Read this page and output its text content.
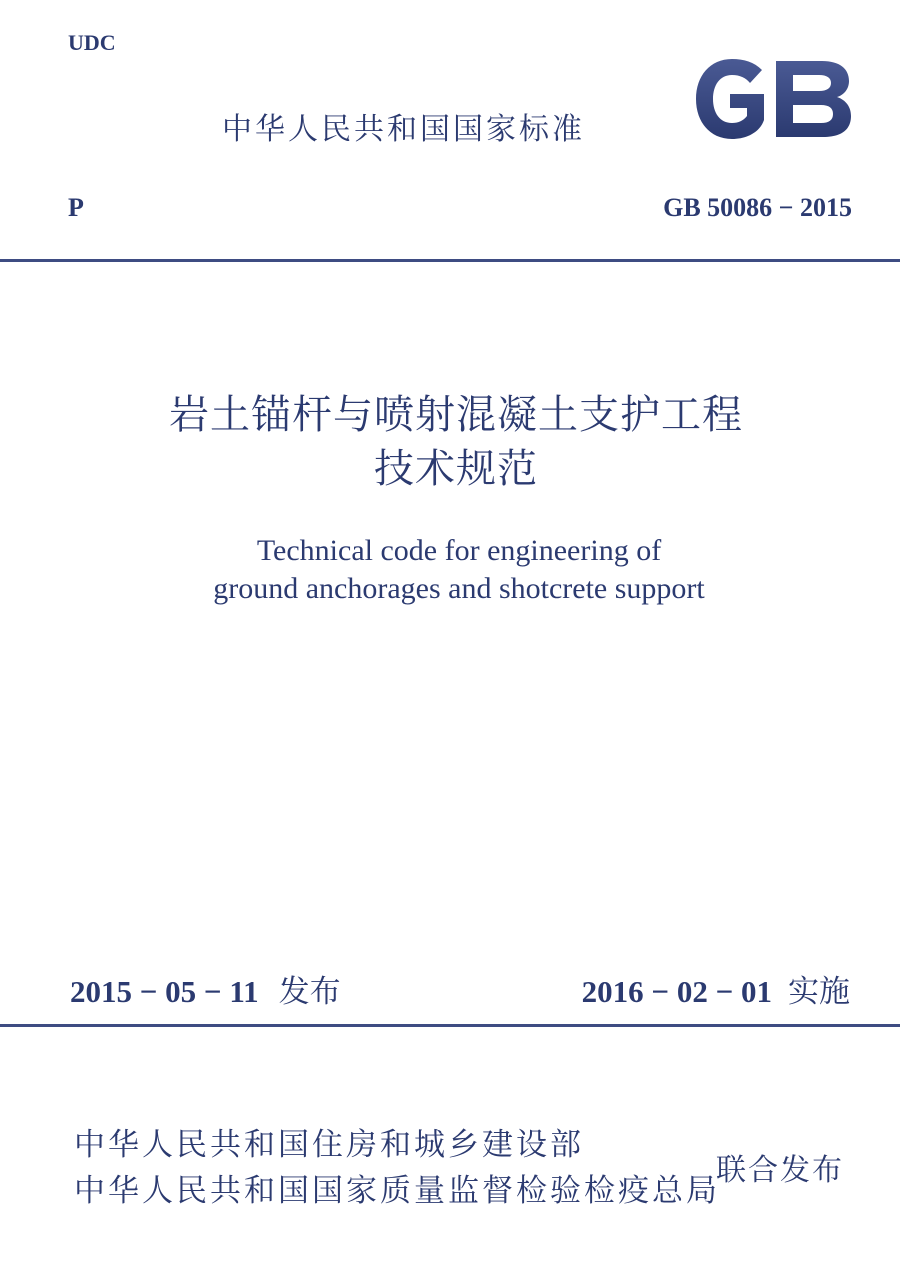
UDC
中华人民共和国国家标准
P	GB 50086 − 2015
岩土锚杆与喷射混凝土支护工程
技术规范
Technical code for engineering of
ground anchorages and shotcrete support
2015 − 05 − 11 发布	2016 − 02 − 01 实施
中华人民共和国住房和城乡建设部
中华人民共和国国家质量监督检验检疫总局
联合发布
